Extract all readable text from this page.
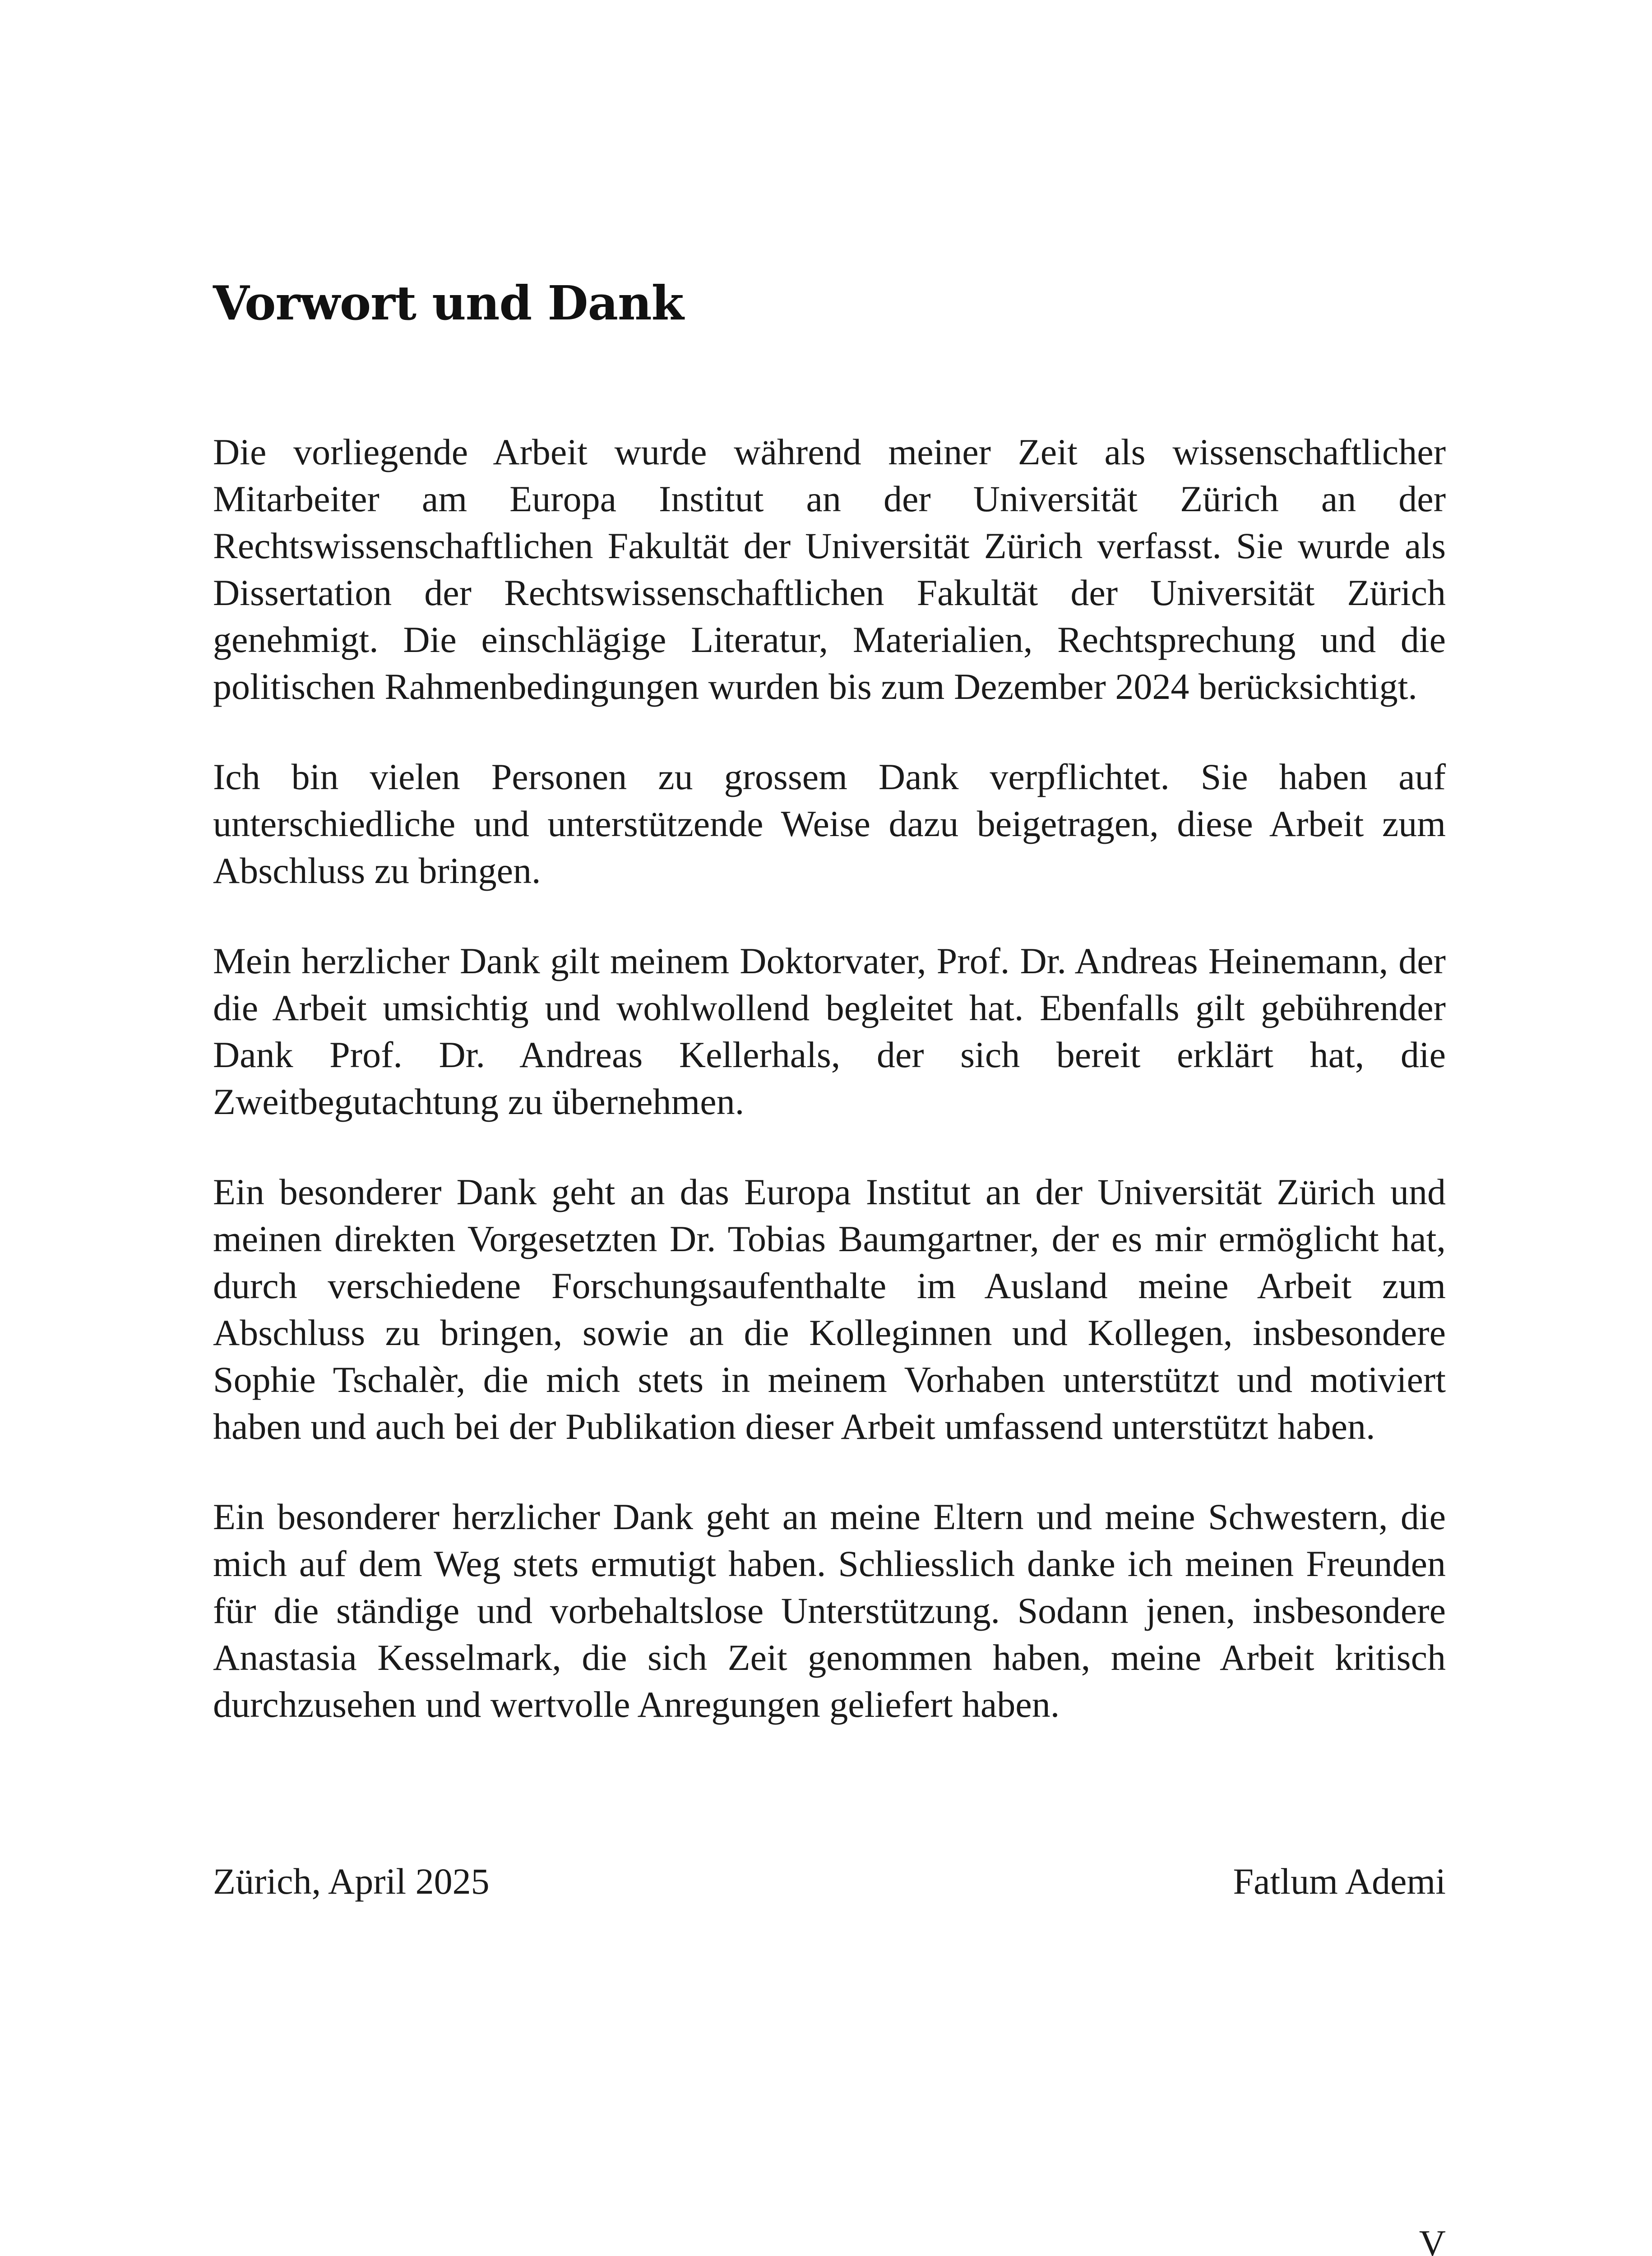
Vorwort und Dank

Die vorliegende Arbeit wurde während meiner Zeit als wissenschaftlicher Mitarbeiter am Europa Institut an der Universität Zürich an der Rechtswissenschaftlichen Fakultät der Universität Zürich verfasst. Sie wurde als Dissertation der Rechtswissenschaftlichen Fakultät der Universität Zürich genehmigt. Die einschlägige Literatur, Materialien, Rechtsprechung und die politischen Rahmenbedingungen wurden bis zum Dezember 2024 berücksichtigt.

Ich bin vielen Personen zu grossem Dank verpflichtet. Sie haben auf unterschiedliche und unterstützende Weise dazu beigetragen, diese Arbeit zum Abschluss zu bringen.

Mein herzlicher Dank gilt meinem Doktorvater, Prof. Dr. Andreas Heinemann, der die Arbeit umsichtig und wohlwollend begleitet hat. Ebenfalls gilt gebührender Dank Prof. Dr. Andreas Kellerhals, der sich bereit erklärt hat, die Zweitbegutachtung zu übernehmen.

Ein besonderer Dank geht an das Europa Institut an der Universität Zürich und meinen direkten Vorgesetzten Dr. Tobias Baumgartner, der es mir ermöglicht hat, durch verschiedene Forschungsaufenthalte im Ausland meine Arbeit zum Abschluss zu bringen, sowie an die Kolleginnen und Kollegen, insbesondere Sophie Tschalèr, die mich stets in meinem Vorhaben unterstützt und motiviert haben und auch bei der Publikation dieser Arbeit umfassend unterstützt haben.

Ein besonderer herzlicher Dank geht an meine Eltern und meine Schwestern, die mich auf dem Weg stets ermutigt haben. Schliesslich danke ich meinen Freunden für die ständige und vorbehaltslose Unterstützung. Sodann jenen, insbesondere Anastasia Kesselmark, die sich Zeit genommen haben, meine Arbeit kritisch durchzusehen und wertvolle Anregungen geliefert haben.

Zürich, April 2025	Fatlum Ademi
V
